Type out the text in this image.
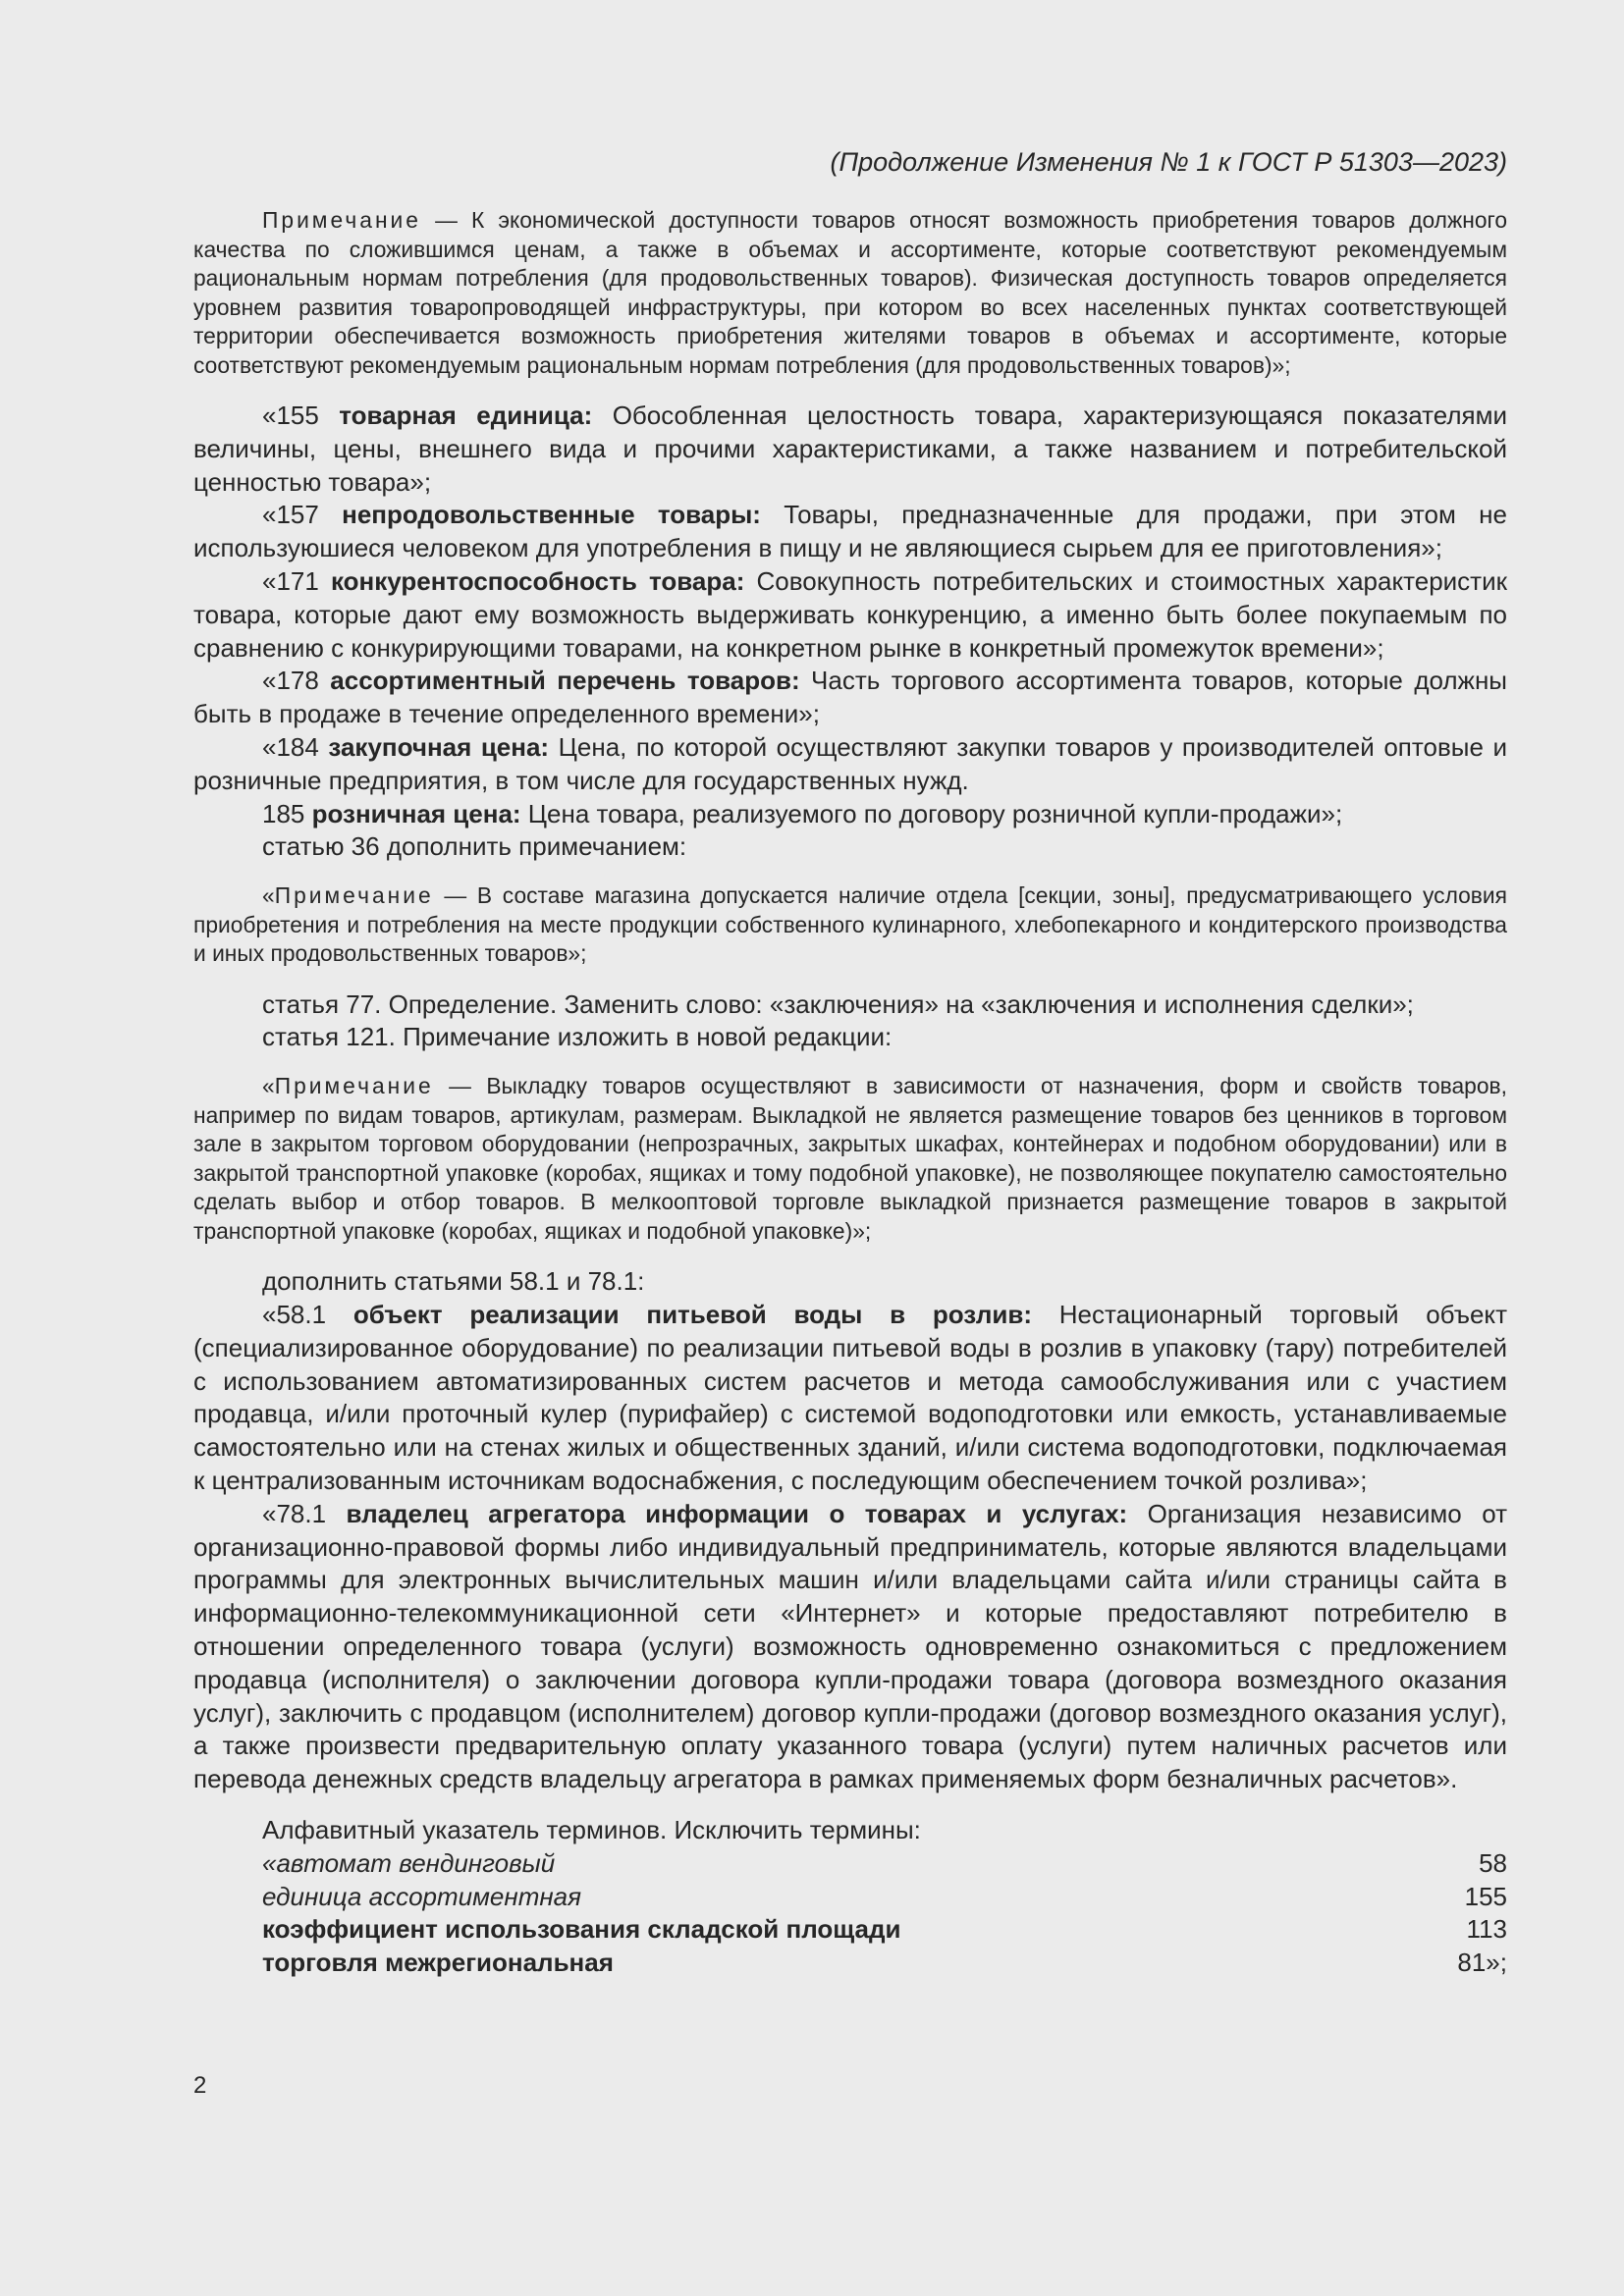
(Продолжение Изменения № 1 к ГОСТ Р 51303—2023)

Примечание — К экономической доступности товаров относят возможность приобретения товаров должного качества по сложившимся ценам, а также в объемах и ассортименте, которые соответствуют рекомендуемым рациональным нормам потребления (для продовольственных товаров). Физическая доступность товаров определяется уровнем развития товаропроводящей инфраструктуры, при котором во всех населенных пунктах соответствующей территории обеспечивается возможность приобретения жителями товаров в объемах и ассортименте, которые соответствуют рекомендуемым рациональным нормам потребления (для продовольственных товаров)»;

«155 товарная единица: Обособленная целостность товара, характеризующаяся показателями величины, цены, внешнего вида и прочими характеристиками, а также названием и потребительской ценностью товара»;

«157 непродовольственные товары: Товары, предназначенные для продажи, при этом не используюшиеся человеком для употребления в пищу и не являющиеся сырьем для ее приготовления»;

«171 конкурентоспособность товара: Совокупность потребительских и стоимостных характеристик товара, которые дают ему возможность выдерживать конкуренцию, а именно быть более покупаемым по сравнению с конкурирующими товарами, на конкретном рынке в конкретный промежуток времени»;

«178 ассортиментный перечень товаров: Часть торгового ассортимента товаров, которые должны быть в продаже в течение определенного времени»;

«184 закупочная цена: Цена, по которой осуществляют закупки товаров у производителей оптовые и розничные предприятия, в том числе для государственных нужд.

185 розничная цена: Цена товара, реализуемого по договору розничной купли-продажи»;

статью 36 дополнить примечанием:

«Примечание — В составе магазина допускается наличие отдела [секции, зоны], предусматривающего условия приобретения и потребления на месте продукции собственного кулинарного, хлебопекарного и кондитерского производства и иных продовольственных товаров»;

статья 77. Определение. Заменить слово: «заключения» на «заключения и исполнения сделки»;

статья 121. Примечание изложить в новой редакции:

«Примечание — Выкладку товаров осуществляют в зависимости от назначения, форм и свойств товаров, например по видам товаров, артикулам, размерам. Выкладкой не является размещение товаров без ценников в торговом зале в закрытом торговом оборудовании (непрозрачных, закрытых шкафах, контейнерах и подобном оборудовании) или в закрытой транспортной упаковке (коробах, ящиках и тому подобной упаковке), не позволяющее покупателю самостоятельно сделать выбор и отбор товаров. В мелкооптовой торговле выкладкой признается размещение товаров в закрытой транспортной упаковке (коробах, ящиках и подобной упаковке)»;

дополнить статьями 58.1 и 78.1:

«58.1 объект реализации питьевой воды в розлив: Нестационарный торговый объект (специализированное оборудование) по реализации питьевой воды в розлив в упаковку (тару) потребителей с использованием автоматизированных систем расчетов и метода самообслуживания или с участием продавца, и/или проточный кулер (пурифайер) с системой водоподготовки или емкость, устанавливаемые самостоятельно или на стенах жилых и общественных зданий, и/или система водоподготовки, подключаемая к централизованным источникам водоснабжения, с последующим обеспечением точкой розлива»;

«78.1 владелец агрегатора информации о товарах и услугах: Организация независимо от организационно-правовой формы либо индивидуальный предприниматель, которые являются владельцами программы для электронных вычислительных машин и/или владельцами сайта и/или страницы сайта в информационно-телекоммуникационной сети «Интернет» и которые предоставляют потребителю в отношении определенного товара (услуги) возможность одновременно ознакомиться с предложением продавца (исполнителя) о заключении договора купли-продажи товара (договора возмездного оказания услуг), заключить с продавцом (исполнителем) договор купли-продажи (договор возмездного оказания услуг), а также произвести предварительную оплату указанного товара (услуги) путем наличных расчетов или перевода денежных средств владельцу агрегатора в рамках применяемых форм безналичных расчетов».

Алфавитный указатель терминов. Исключить термины:

«автомат вендинговый	58
единица ассортиментная	155
коэффициент использования складской площади	113
торговля межрегиональная	81»;
2
